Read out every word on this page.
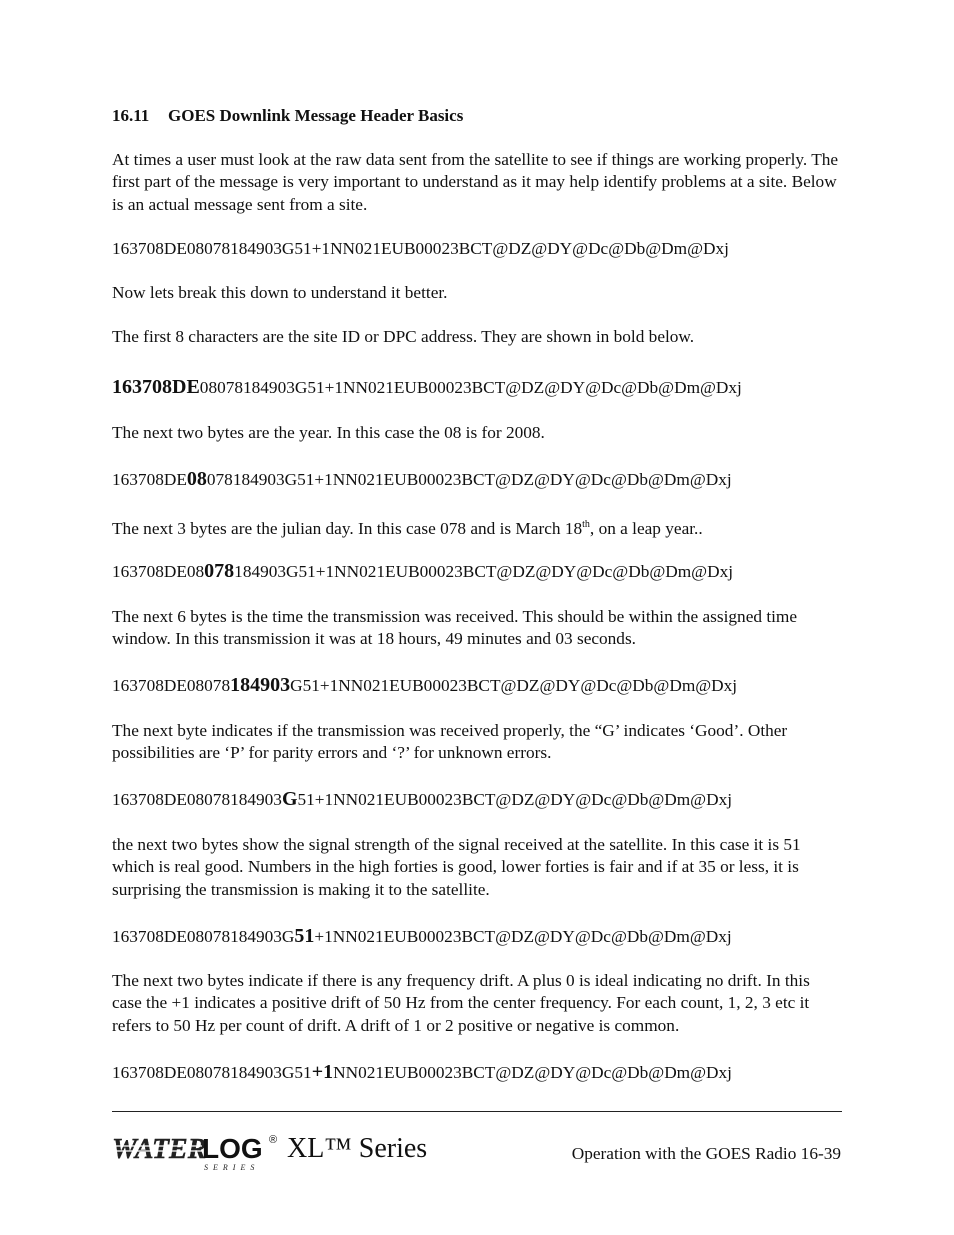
16.11 GOES Downlink Message Header Basics

At times a user must look at the raw data sent from the satellite to see if things are working properly. The first part of the message is very important to understand as it may help identify problems at a site. Below is an actual message sent from a site.

163708DE08078184903G51+1NN021EUB00023BCT@DZ@DY@Dc@Db@Dm@Dxj

Now lets break this down to understand it better.

The first 8 characters are the site ID or DPC address. They are shown in bold below.

163708DE08078184903G51+1NN021EUB00023BCT@DZ@DY@Dc@Db@Dm@Dxj

The next two bytes are the year. In this case the 08 is for 2008.

163708DE08078184903G51+1NN021EUB00023BCT@DZ@DY@Dc@Db@Dm@Dxj

The next 3 bytes are the julian day. In this case 078 and is March 18th, on a leap year..

163708DE08078184903G51+1NN021EUB00023BCT@DZ@DY@Dc@Db@Dm@Dxj

The next 6 bytes is the time the transmission was received. This should be within the assigned time window. In this transmission it was at 18 hours, 49 minutes and 03 seconds.

163708DE08078184903G51+1NN021EUB00023BCT@DZ@DY@Dc@Db@Dm@Dxj

The next byte indicates if the transmission was received properly, the “G’ indicates ‘Good’. Other possibilities are ‘P’ for parity errors and ‘?’ for unknown errors.

163708DE08078184903G51+1NN021EUB00023BCT@DZ@DY@Dc@Db@Dm@Dxj

the next two bytes show the signal strength of the signal received at the satellite. In this case it is 51 which is real good. Numbers in the high forties is good, lower forties is fair and if at 35 or less, it is surprising the transmission is making it to the satellite.

163708DE08078184903G51+1NN021EUB00023BCT@DZ@DY@Dc@Db@Dm@Dxj

The next two bytes indicate if there is any frequency drift. A plus 0 is ideal indicating no drift. In this case the +1 indicates a positive drift of 50 Hz from the center frequency. For each count, 1, 2, 3 etc it refers to 50 Hz per count of drift. A drift of 1 or 2 positive or negative is common.

163708DE08078184903G51+1NN021EUB00023BCT@DZ@DY@Dc@Db@Dm@Dxj
WATER
LOG ®
SERIES
XL™ Series	Operation with the GOES Radio 16-39
